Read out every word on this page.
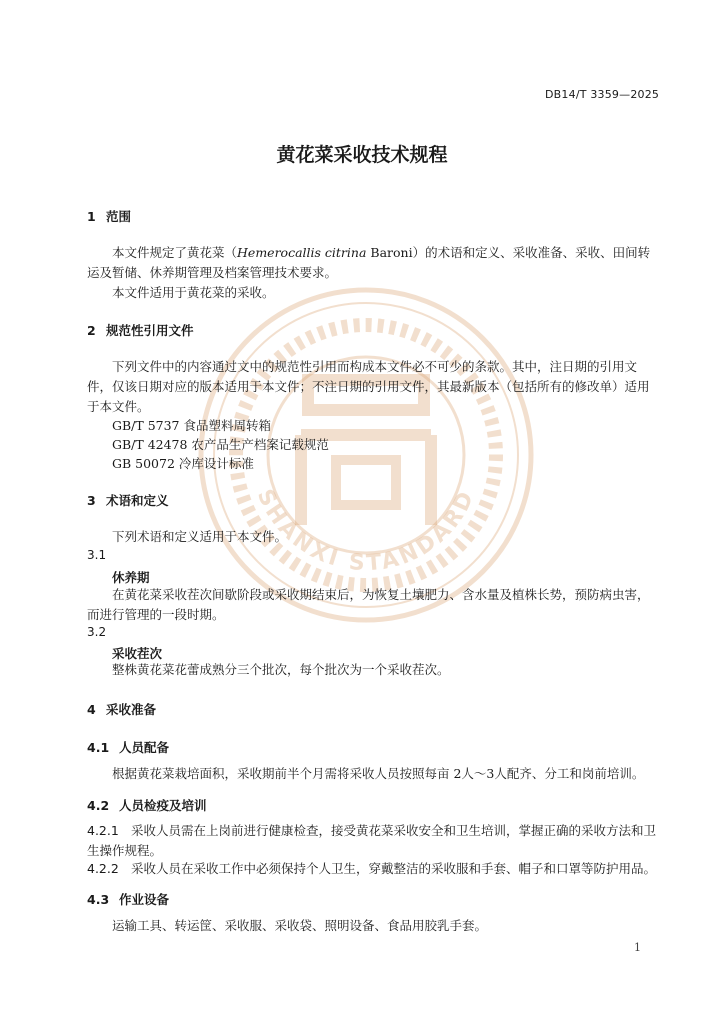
SHANXI STANDARD
DB14/T 3359—2025
黄花菜采收技术规程
1 范围
本文件规定了黄花菜（Hemerocallis citrina Baroni）的术语和定义、采收准备、采收、田间转运及暂储、休养期管理及档案管理技术要求。
本文件适用于黄花菜的采收。
2 规范性引用文件
下列文件中的内容通过文中的规范性引用而构成本文件必不可少的条款。其中，注日期的引用文件，仅该日期对应的版本适用于本文件；不注日期的引用文件，其最新版本（包括所有的修改单）适用于本文件。
GB/T 5737 食品塑料周转箱
GB/T 42478 农产品生产档案记载规范
GB 50072 冷库设计标准
3 术语和定义
下列术语和定义适用于本文件。
3.1
休养期
在黄花菜采收茬次间歇阶段或采收期结束后，为恢复土壤肥力、含水量及植株长势，预防病虫害，而进行管理的一段时期。
3.2
采收茬次
整株黄花菜花蕾成熟分三个批次，每个批次为一个采收茬次。
4 采收准备
4.1 人员配备
根据黄花菜栽培面积，采收期前半个月需将采收人员按照每亩 2人～3人配齐、分工和岗前培训。
4.2 人员检疫及培训
4.2.1 采收人员需在上岗前进行健康检查，接受黄花菜采收安全和卫生培训，掌握正确的采收方法和卫生操作规程。
4.2.2 采收人员在采收工作中必须保持个人卫生，穿戴整洁的采收服和手套、帽子和口罩等防护用品。
4.3 作业设备
运输工具、转运筐、采收服、采收袋、照明设备、食品用胶乳手套。
1
